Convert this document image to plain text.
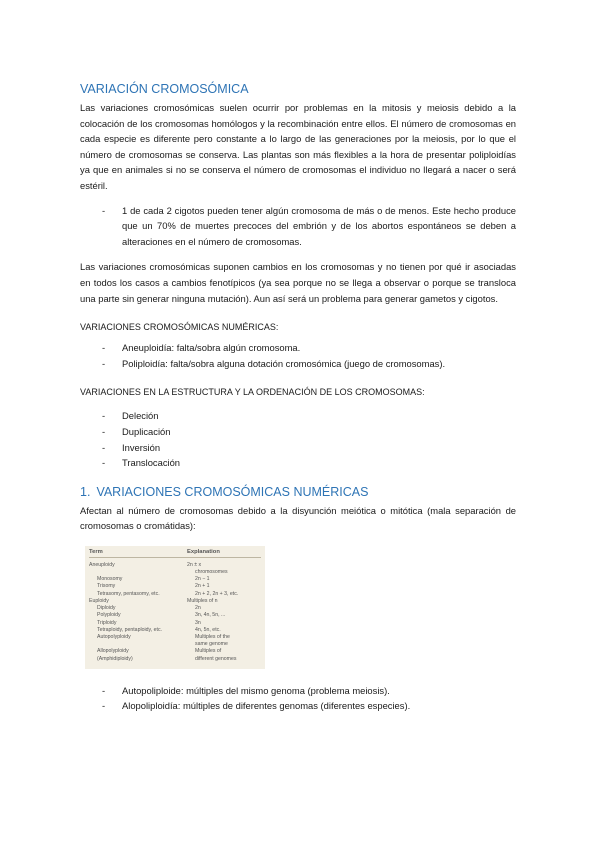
VARIACIÓN CROMOSÓMICA

Las variaciones cromosómicas suelen ocurrir por problemas en la mitosis y meiosis debido a la colocación de los cromosomas homólogos y la recombinación entre ellos. El número de cromosomas en cada especie es diferente pero constante a lo largo de las generaciones por la meiosis, por lo que el número de cromosomas se conserva. Las plantas son más flexibles a la hora de presentar poliploidías ya que en animales si no se conserva el número de cromosomas el individuo no llegará a nacer o será estéril.

- 1 de cada 2 cigotos pueden tener algún cromosoma de más o de menos. Este hecho produce que un 70% de muertes precoces del embrión y de los abortos espontáneos se deben a alteraciones en el número de cromosomas.

Las variaciones cromosómicas suponen cambios en los cromosomas y no tienen por qué ir asociadas en todos los casos a cambios fenotípicos (ya sea porque no se llega a observar o porque se transloca una parte sin generar ninguna mutación). Aun así será un problema para generar gametos y cigotos.

VARIACIONES CROMOSÓMICAS NUMÉRICAS:
- Aneuploidía: falta/sobra algún cromosoma.
- Poliploidía: falta/sobra alguna dotación cromosómica (juego de cromosomas).
VARIACIONES EN LA ESTRUCTURA Y LA ORDENACIÓN DE LOS CROMOSOMAS:
- Deleción
- Duplicación
- Inversión
- Translocación
1. VARIACIONES CROMOSÓMICAS NUMÉRICAS

Afectan al número de cromosomas debido a la disyunción meiótica o mitótica (mala separación de cromosomas o cromátidas):

Term	Explanation
Aneuploidy	2n ± x
chromosomes
Monosomy	2n − 1
Trisomy	2n + 1
Tetrasomy, pentasomy, etc.	2n + 2, 2n + 3, etc.
Euploidy	Multiples of n
Diploidy	2n
Polyploidy	3n, 4n, 5n, ...
Triploidy	3n
Tetraploidy, pentaploidy, etc.	4n, 5n, etc.
Autopolyploidy	Multiples of the
same genome
Allopolyploidy	Multiples of
(Amphidiploidy)	different genomes
- Autopoliploide: múltiples del mismo genoma (problema meiosis).
- Alopoliploidía: múltiples de diferentes genomas (diferentes especies).
